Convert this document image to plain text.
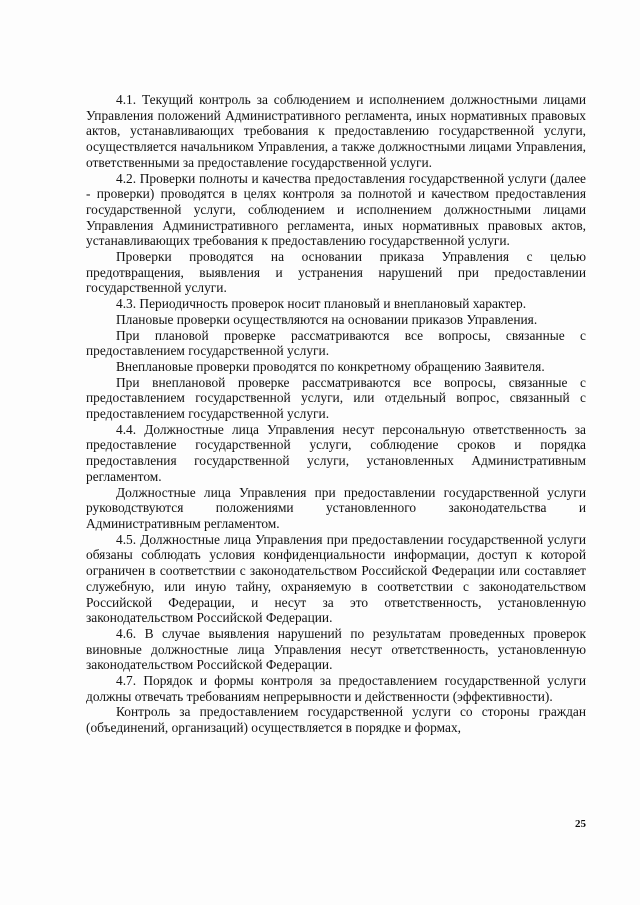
4.1. Текущий контроль за соблюдением и исполнением должностными лицами Управления положений Административного регламента, иных нормативных правовых актов, устанавливающих требования к предоставлению государственной услуги, осуществляется начальником Управления, а также должностными лицами Управления, ответственными за предоставление государственной услуги.

4.2. Проверки полноты и качества предоставления государственной услуги (далее - проверки) проводятся в целях контроля за полнотой и качеством предоставления государственной услуги, соблюдением и исполнением должностными лицами Управления Административного регламента, иных нормативных правовых актов, устанавливающих требования к предоставлению государственной услуги.

Проверки проводятся на основании приказа Управления с целью предотвращения, выявления и устранения нарушений при предоставлении государственной услуги.

4.3. Периодичность проверок носит плановый и внеплановый характер.

Плановые проверки осуществляются на основании приказов Управления.

При плановой проверке рассматриваются все вопросы, связанные с предоставлением государственной услуги.

Внеплановые проверки проводятся по конкретному обращению Заявителя.

При внеплановой проверке рассматриваются все вопросы, связанные с предоставлением государственной услуги, или отдельный вопрос, связанный с предоставлением государственной услуги.

4.4. Должностные лица Управления несут персональную ответственность за предоставление государственной услуги, соблюдение сроков и порядка предоставления государственной услуги, установленных Административным регламентом.

Должностные лица Управления при предоставлении государственной услуги руководствуются положениями установленного законодательства и Административным регламентом.

4.5. Должностные лица Управления при предоставлении государственной услуги обязаны соблюдать условия конфиденциальности информации, доступ к которой ограничен в соответствии с законодательством Российской Федерации или составляет служебную, или иную тайну, охраняемую в соответствии с законодательством Российской Федерации, и несут за это ответственность, установленную законодательством Российской Федерации.

4.6. В случае выявления нарушений по результатам проведенных проверок виновные должностные лица Управления несут ответственность, установленную законодательством Российской Федерации.

4.7. Порядок и формы контроля за предоставлением государственной услуги должны отвечать требованиям непрерывности и действенности (эффективности).

Контроль за предоставлением государственной услуги со стороны граждан (объединений, организаций) осуществляется в порядке и формах,

25
